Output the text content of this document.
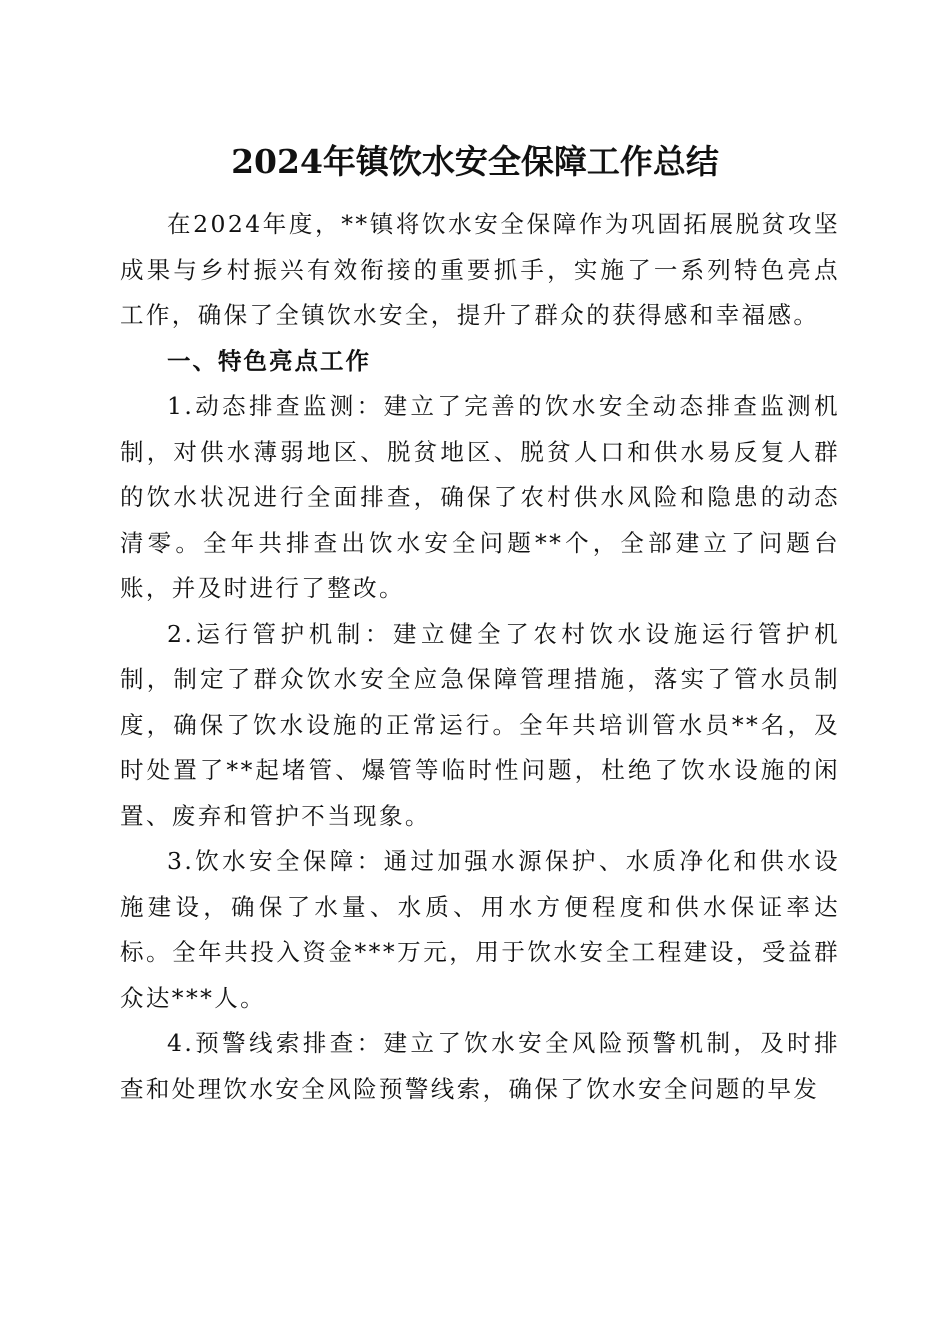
2024年镇饮水安全保障工作总结

在2024年度，**镇将饮水安全保障作为巩固拓展脱贫攻坚成果与乡村振兴有效衔接的重要抓手，实施了一系列特色亮点工作，确保了全镇饮水安全，提升了群众的获得感和幸福感。

一、特色亮点工作

1.动态排查监测：建立了完善的饮水安全动态排查监测机制，对供水薄弱地区、脱贫地区、脱贫人口和供水易反复人群的饮水状况进行全面排查，确保了农村供水风险和隐患的动态清零。全年共排查出饮水安全问题**个，全部建立了问题台账，并及时进行了整改。

2.运行管护机制：建立健全了农村饮水设施运行管护机制，制定了群众饮水安全应急保障管理措施，落实了管水员制度，确保了饮水设施的正常运行。全年共培训管水员**名，及时处置了**起堵管、爆管等临时性问题，杜绝了饮水设施的闲置、废弃和管护不当现象。

3.饮水安全保障：通过加强水源保护、水质净化和供水设施建设，确保了水量、水质、用水方便程度和供水保证率达标。全年共投入资金***万元，用于饮水安全工程建设，受益群众达***人。

4.预警线索排查：建立了饮水安全风险预警机制，及时排查和处理饮水安全风险预警线索，确保了饮水安全问题的早发
